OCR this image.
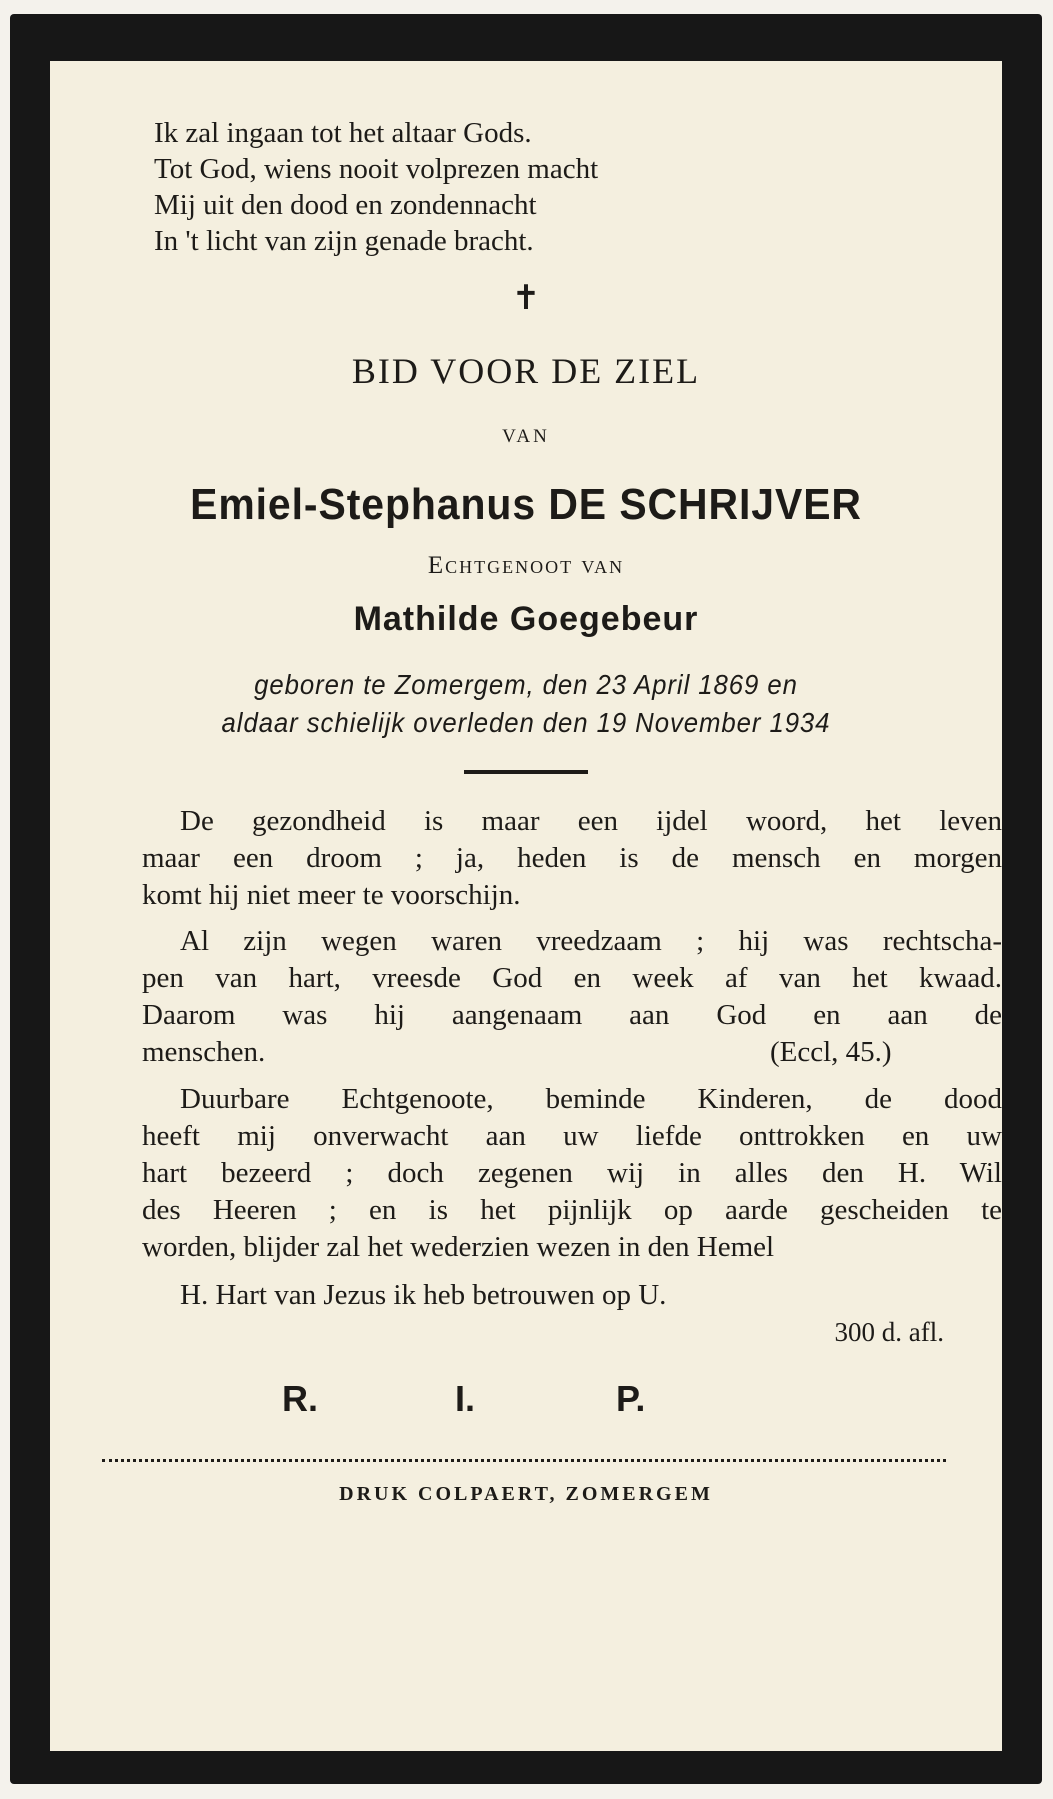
Ik zal ingaan tot het altaar Gods.
Tot God, wiens nooit volprezen macht
Mij uit den dood en zondennacht
In 't licht van zijn genade bracht.
✝
BID VOOR DE ZIEL
VAN
Emiel-Stephanus DE SCHRIJVER
Echtgenoot van
Mathilde Goegebeur
geboren te Zomergem, den 23 April 1869 en
aldaar schielijk overleden den 19 November 1934
De gezondheid is maar een ijdel woord, het leven
maar een droom ; ja, heden is de mensch en morgen
komt hij niet meer te voorschijn.
Al zijn wegen waren vreedzaam ; hij was rechtscha-
pen van hart, vreesde God en week af van het kwaad.
Daarom was hij aangenaam aan God en aan de
menschen.	(Eccl, 45.)
Duurbare Echtgenoote, beminde Kinderen, de dood
heeft mij onverwacht aan uw liefde onttrokken en uw
hart bezeerd ; doch zegenen wij in alles den H. Wil
des Heeren ; en is het pijnlijk op aarde gescheiden te
worden, blijder zal het wederzien wezen in den Hemel
H. Hart van Jezus ik heb betrouwen op U.
300 d. afl.
R.	I.	P.
DRUK COLPAERT, ZOMERGEM
